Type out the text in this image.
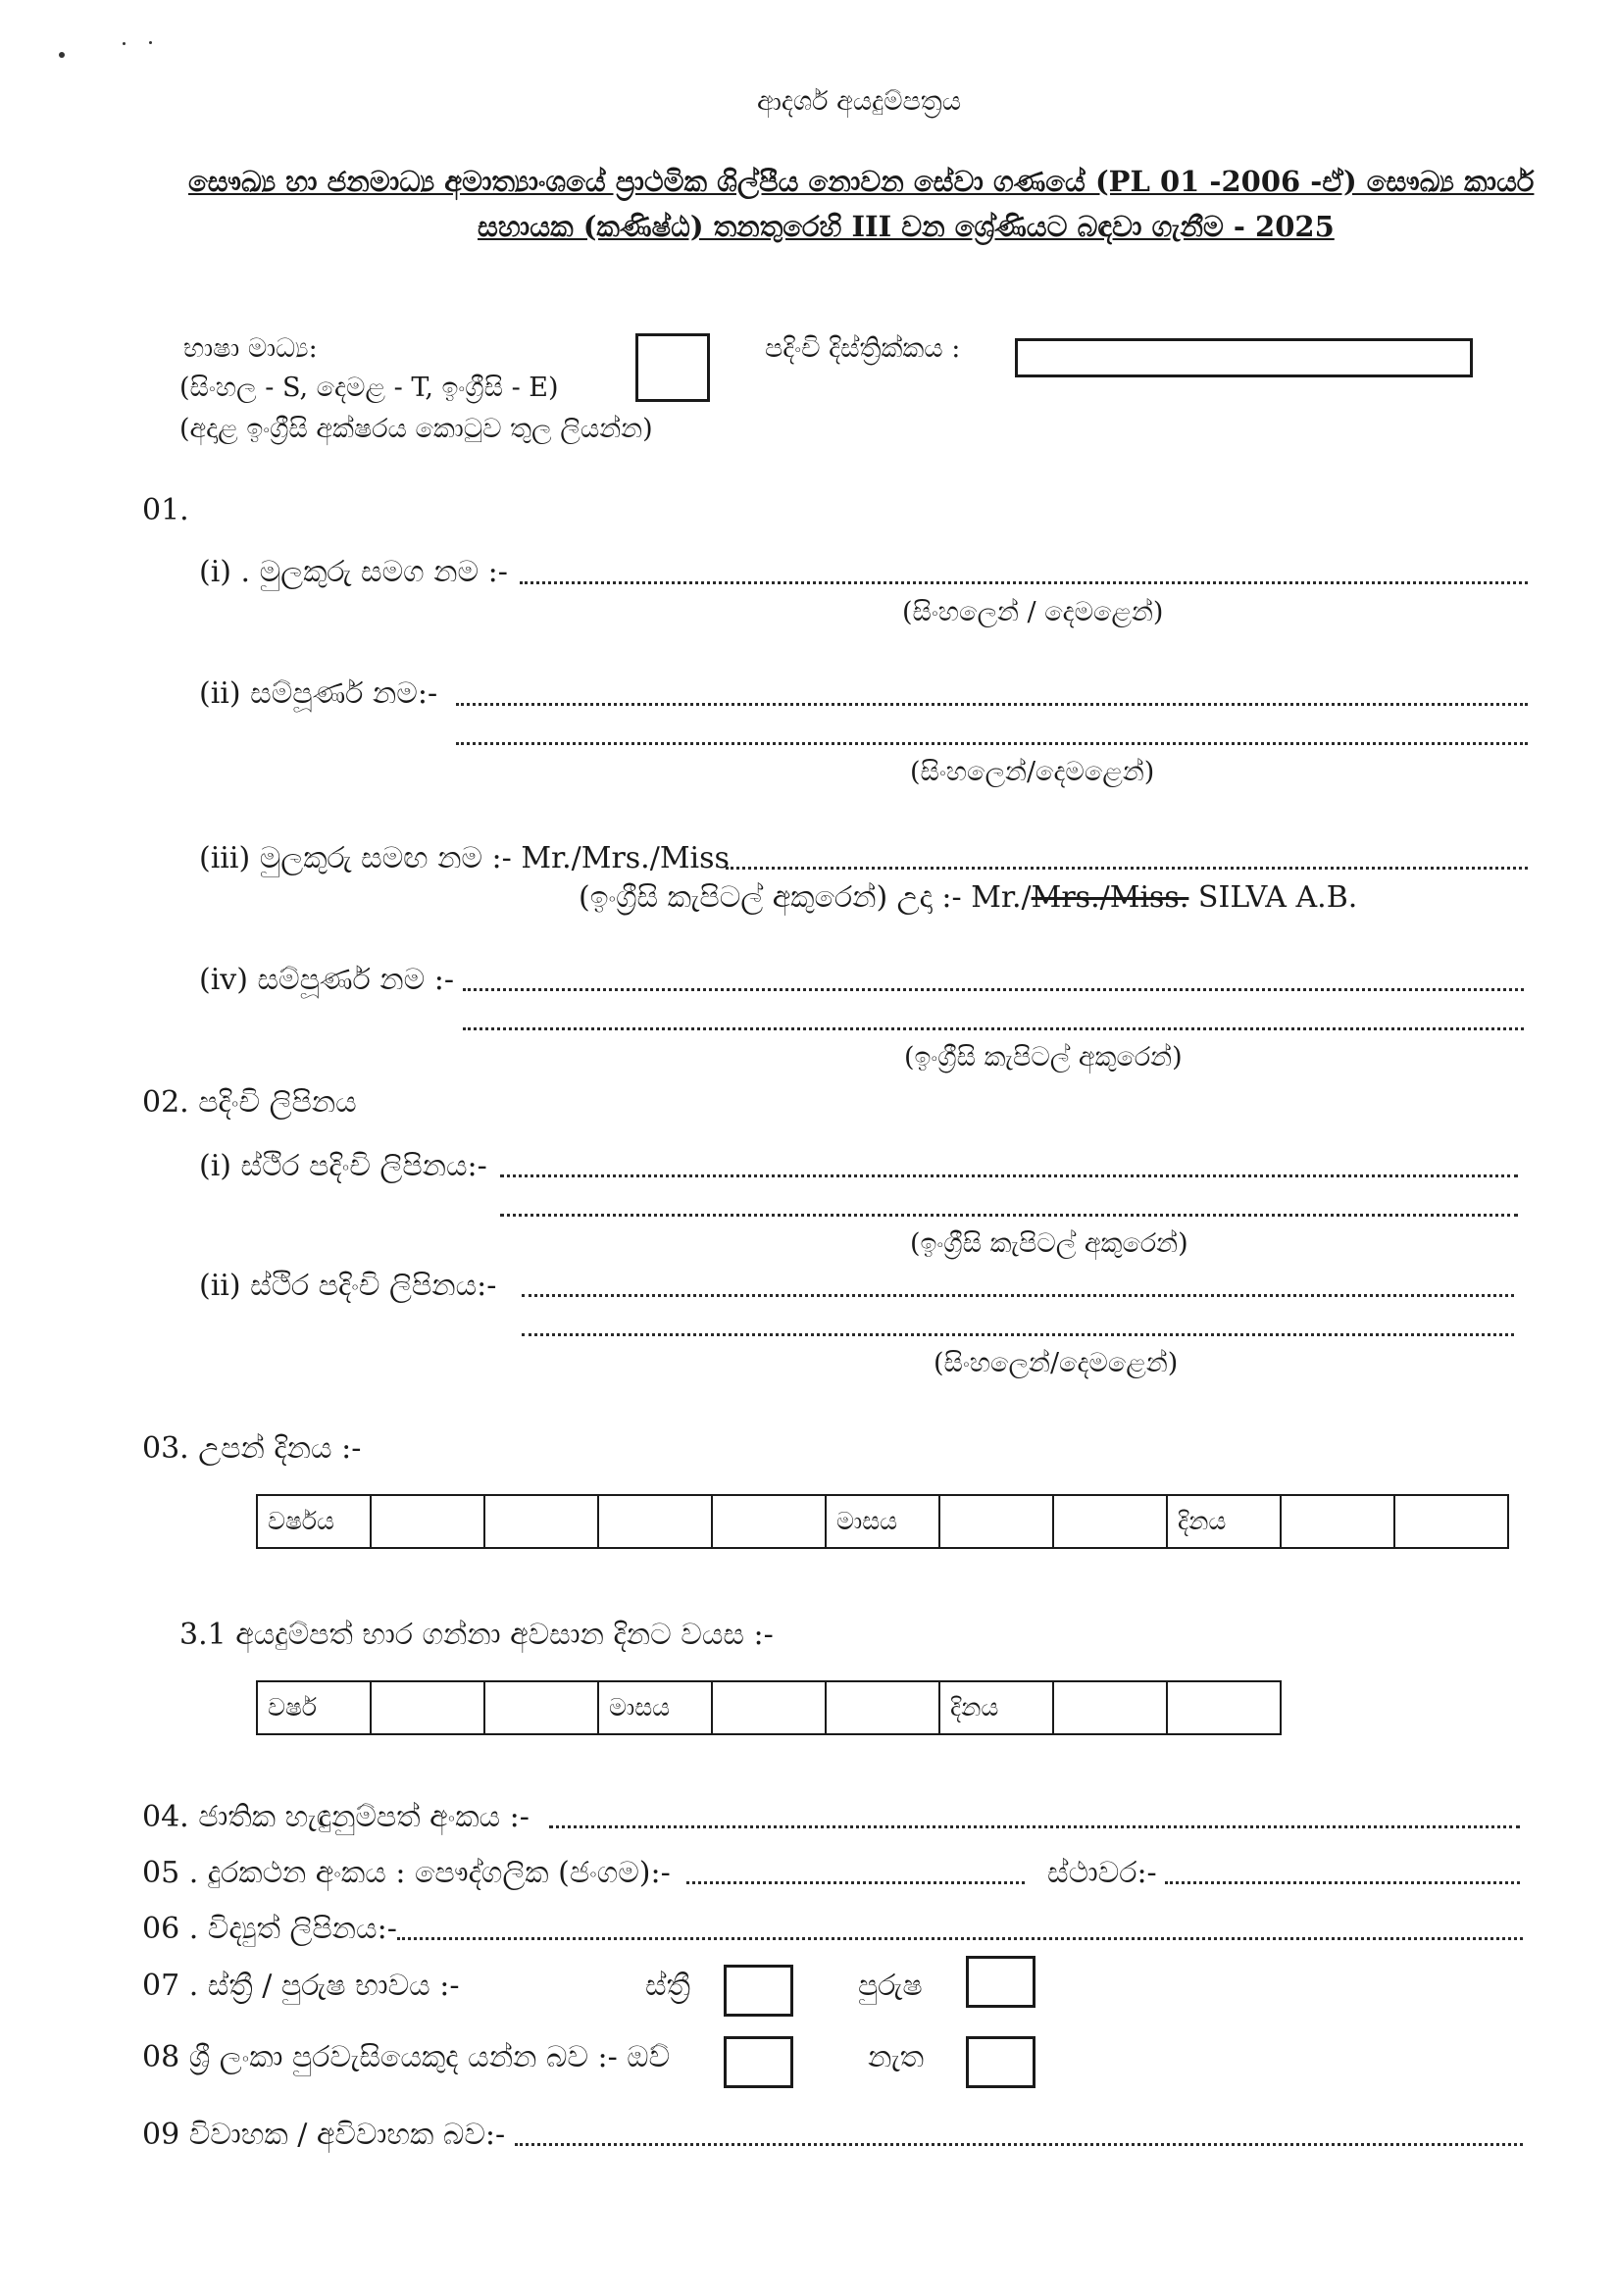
ආදර්ශ අයදුම්පත්‍රය
සෞඛ්‍ය හා ජනමාධ්‍ය අමාත්‍යාංශයේ ප්‍රාථමික ශිල්පීය නොවන සේවා ගණයේ (PL 01 -2006 -ඒ) සෞඛ්‍ය කාර්ය
සහායක (කණිෂ්ඨ) තනතුරෙහි III වන ශ්‍රේණියට බඳවා ගැනීම - 2025
භාෂා මාධ්‍ය:
(සිංහල - S, දෙමළ - T, ඉංග්‍රීසි - E)
(අදාළ ඉංග්‍රීසි අක්ෂරය කොටුව තුල ලියන්න)
පදිංචි දිස්ත්‍රික්කය :
01.
(i) . මුලකුරු සමග නම :-
(සිංහලෙන් / දෙමළෙන්)
(ii) සම්පූර්ණ නම:-
(සිංහලෙන්/දෙමළෙන්)
(iii) මුලකුරු සමඟ නම :- Mr./Mrs./Miss
(ඉංග්‍රීසි කැපිටල් අකුරෙන්) උදා :- Mr./Mrs./Miss. SILVA A.B.
(iv) සම්පූර්ණ නම :-
(ඉංග්‍රීසි කැපිටල් අකුරෙන්)
02. පදිංචි ලිපිනය
(i) ස්ථිර පදිංචි ලිපිනය:-
(ඉංග්‍රීසි කැපිටල් අකුරෙන්)
(ii) ස්ථිර පදිංචි ලිපිනය:-
(සිංහලෙන්/දෙමළෙන්)
03. උපන් දිනය :-
වර්ෂය					මාසය			දිනය		
3.1 අයදුම්පත් භාර ගන්නා අවසාන දිනට වයස :-
වර්ෂ			මාසය			දිනය		
04. ජාතික හැඳුනුම්පත් අංකය :-
05 . දුරකථන අංකය : පෞද්ගලික (ජංගම):-	ස්ථාවර:-
06 . විද්‍යුත් ලිපිනය:-
07 . ස්ත්‍රී / පුරුෂ භාවය :-	ස්ත්‍රී	පුරුෂ
08 ශ්‍රී ලංකා පුරවැසියෙකුද යන්න බව :- ඔව්	නැත
09 විවාහක / අවිවාහක බව:-
